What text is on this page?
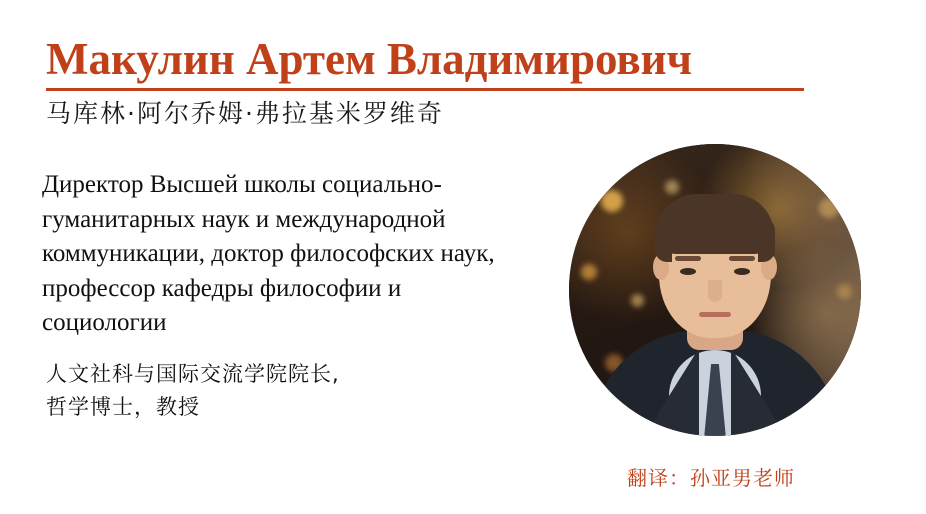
Макулин Артем Владимирович
马库林·阿尔乔姆·弗拉基米罗维奇
Директор Высшей школы социально-гуманитарных наук и международной коммуникации, доктор философских наук, профессор кафедры философии и социологии
人文社科与国际交流学院院长,
哲学博士，教授
翻译：孙亚男老师
